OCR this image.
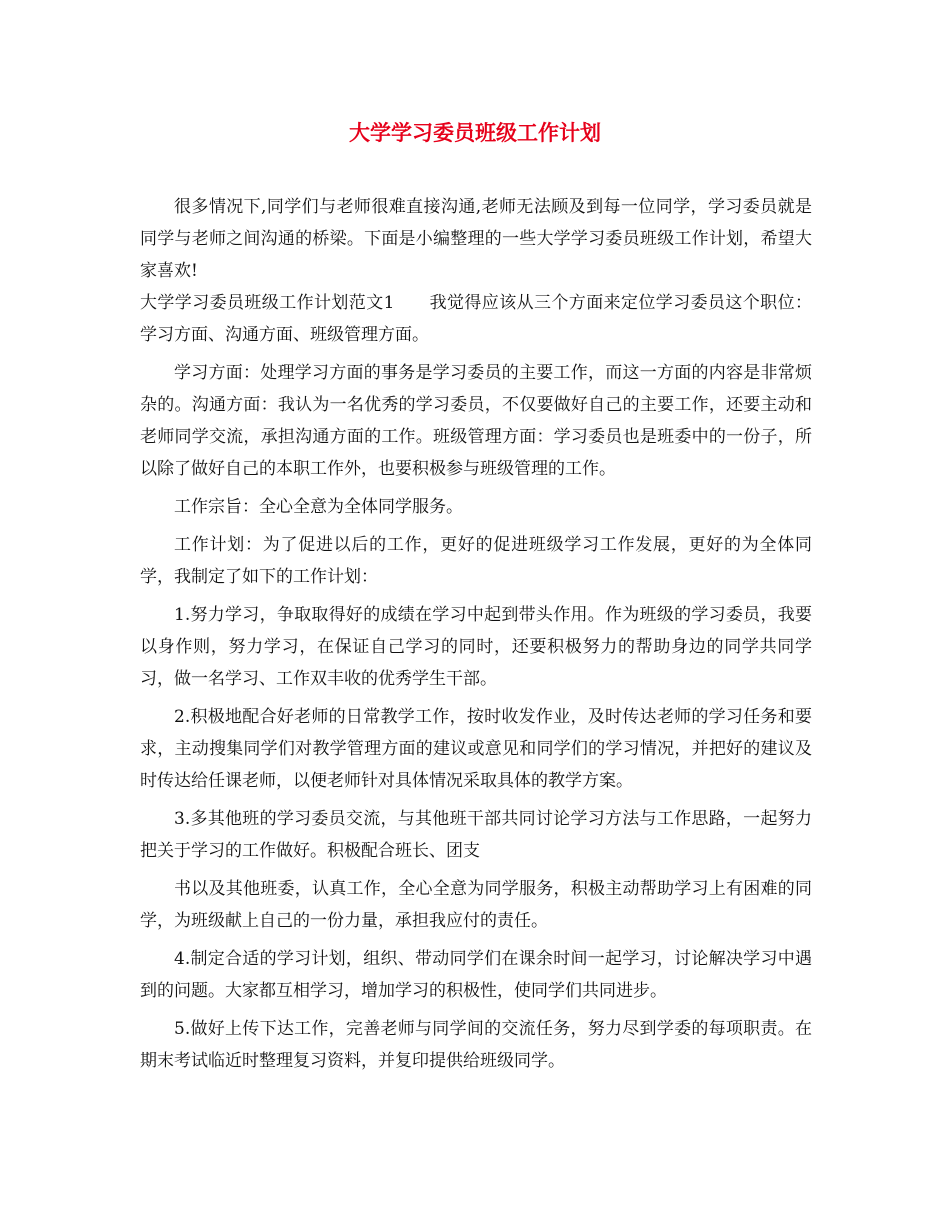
大学学习委员班级工作计划

很多情况下,同学们与老师很难直接沟通,老师无法顾及到每一位同学，学习委员就是同学与老师之间沟通的桥梁。下面是小编整理的一些大学学习委员班级工作计划，希望大家喜欢!

大学学习委员班级工作计划范文1　　我觉得应该从三个方面来定位学习委员这个职位：学习方面、沟通方面、班级管理方面。

学习方面：处理学习方面的事务是学习委员的主要工作，而这一方面的内容是非常烦杂的。沟通方面：我认为一名优秀的学习委员，不仅要做好自己的主要工作，还要主动和老师同学交流，承担沟通方面的工作。班级管理方面：学习委员也是班委中的一份子，所以除了做好自己的本职工作外，也要积极参与班级管理的工作。

工作宗旨：全心全意为全体同学服务。

工作计划：为了促进以后的工作，更好的促进班级学习工作发展，更好的为全体同学，我制定了如下的工作计划：

1.努力学习，争取取得好的成绩在学习中起到带头作用。作为班级的学习委员，我要以身作则，努力学习，在保证自己学习的同时，还要积极努力的帮助身边的同学共同学习，做一名学习、工作双丰收的优秀学生干部。

2.积极地配合好老师的日常教学工作，按时收发作业，及时传达老师的学习任务和要求，主动搜集同学们对教学管理方面的建议或意见和同学们的学习情况，并把好的建议及时传达给任课老师，以便老师针对具体情况采取具体的教学方案。

3.多其他班的学习委员交流，与其他班干部共同讨论学习方法与工作思路，一起努力把关于学习的工作做好。积极配合班长、团支

书以及其他班委，认真工作，全心全意为同学服务，积极主动帮助学习上有困难的同学，为班级献上自己的一份力量，承担我应付的责任。

4.制定合适的学习计划，组织、带动同学们在课余时间一起学习，讨论解决学习中遇到的问题。大家都互相学习，增加学习的积极性，使同学们共同进步。

5.做好上传下达工作，完善老师与同学间的交流任务，努力尽到学委的每项职责。在期末考试临近时整理复习资料，并复印提供给班级同学。
